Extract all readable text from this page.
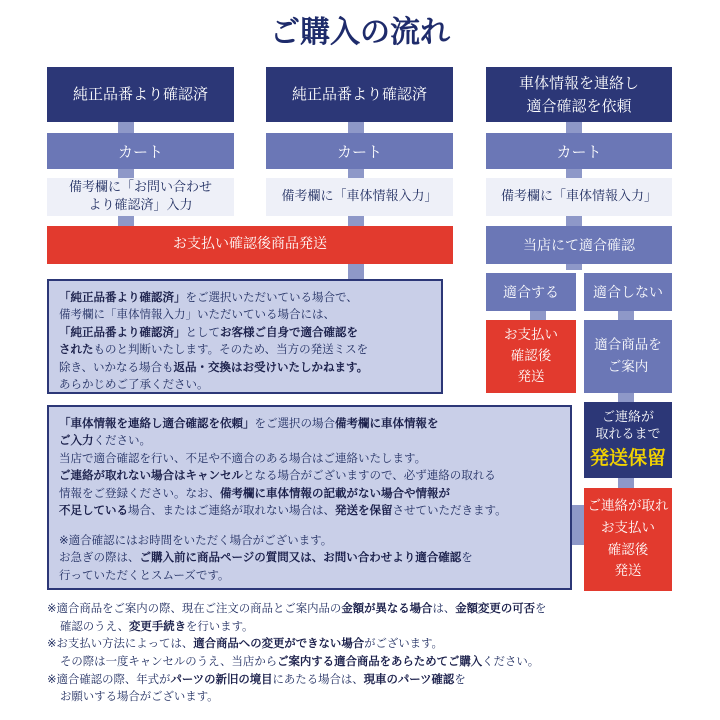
ご購入の流れ
純正品番より確認済
カート
備考欄に「お問い合わせ
より確認済」入力
純正品番より確認済
カート
備考欄に「車体情報入力」
お支払い確認後商品発送
車体情報を連絡し
適合確認を依頼
カート
備考欄に「車体情報入力」
当店にて適合確認
適合する 適合しない
お支払い
確認後
発送
適合商品を
ご案内
ご連絡が
取れるまで
発送保留
ご連絡が取れ
お支払い
確認後
発送
「純正品番より確認済」をご選択いただいている場合で、
備考欄に「車体情報入力」いただいている場合には、
「純正品番より確認済」としてお客様ご自身で適合確認を
されたものと判断いたします。そのため、当方の発送ミスを
除き、いかなる場合も返品・交換はお受けいたしかねます。
あらかじめご了承ください。

「車体情報を連絡し適合確認を依頼」をご選択の場合備考欄に車体情報を

ご入力ください。

当店で適合確認を行い、不足や不適合のある場合はご連絡いたします。

ご連絡が取れない場合はキャンセルとなる場合がございますので、必ず連絡の取れる

情報をご登録ください。なお、備考欄に車体情報の記載がない場合や情報が

不足している場合、またはご連絡が取れない場合は、発送を保留させていただきます。

※適合確認にはお時間をいただく場合がございます。

お急ぎの際は、ご購入前に商品ページの質問又は、お問い合わせより適合確認を

行っていただくとスムーズです。

※適合商品をご案内の際、現在ご注文の商品とご案内品の金額が異なる場合は、金額変更の可否を

確認のうえ、変更手続きを行います。

※お支払い方法によっては、適合商品への変更ができない場合がございます。

その際は一度キャンセルのうえ、当店からご案内する適合商品をあらためてご購入ください。

※適合確認の際、年式がパーツの新旧の境目にあたる場合は、現車のパーツ確認を

お願いする場合がございます。
